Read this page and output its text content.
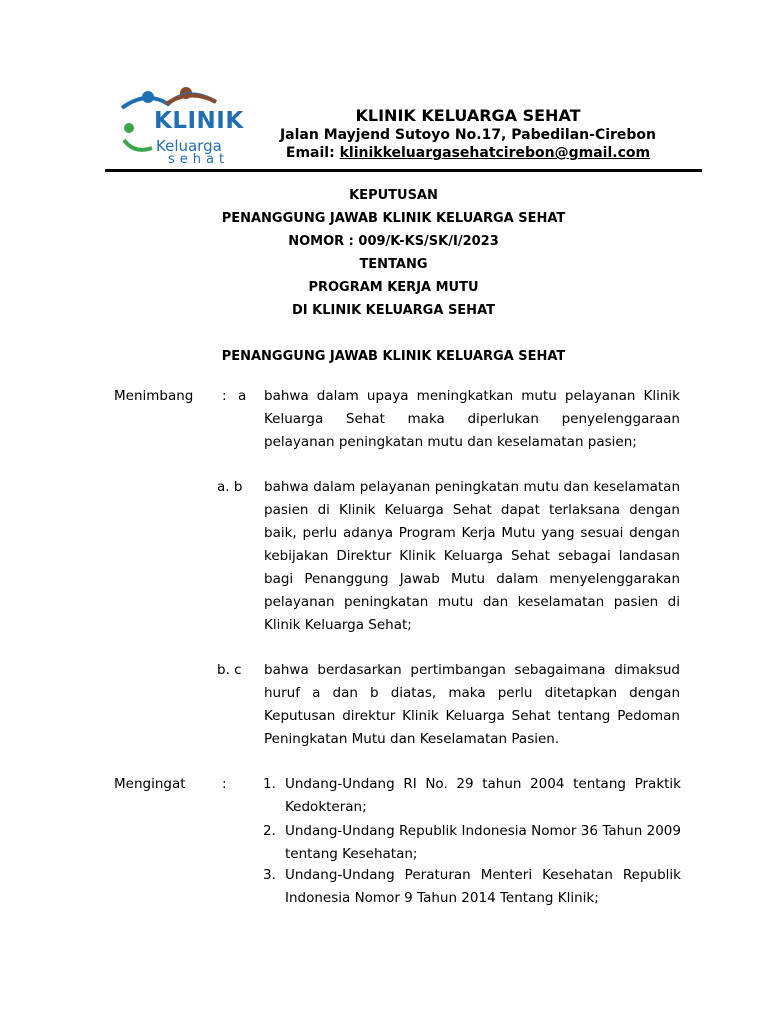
KLINIK
Keluarga
sehat
KLINIK KELUARGA SEHAT
Jalan Mayjend Sutoyo No.17, Pabedilan-Cirebon
Email: klinikkeluargasehatcirebon@gmail.com
KEPUTUSAN
PENANGGUNG JAWAB KLINIK KELUARGA SEHAT
NOMOR : 009/K-KS/SK/I/2023
TENTANG
PROGRAM KERJA MUTU
DI KLINIK KELUARGA SEHAT
PENANGGUNG JAWAB KLINIK KELUARGA SEHAT
Menimbang : a bahwa dalam upaya meningkatkan mutu pelayanan Klinik Keluarga Sehat maka diperlukan penyelenggaraan pelayanan peningkatan mutu dan keselamatan pasien;
a. b bahwa dalam pelayanan peningkatan mutu dan keselamatan pasien di Klinik Keluarga Sehat dapat terlaksana dengan baik, perlu adanya Program Kerja Mutu yang sesuai dengan kebijakan Direktur Klinik Keluarga Sehat sebagai landasan bagi Penanggung Jawab Mutu dalam menyelenggarakan pelayanan peningkatan mutu dan keselamatan pasien di Klinik Keluarga Sehat;
b. c bahwa berdasarkan pertimbangan sebagaimana dimaksud huruf a dan b diatas, maka perlu ditetapkan dengan Keputusan direktur Klinik Keluarga Sehat tentang Pedoman Peningkatan Mutu dan Keselamatan Pasien.
Mengingat	:	1. Undang-Undang RI No. 29 tahun 2004 tentang Praktik Kedokteran;
2. Undang-Undang Republik Indonesia Nomor 36 Tahun 2009 tentang Kesehatan;
3. Undang-Undang Peraturan Menteri Kesehatan Republik Indonesia Nomor 9 Tahun 2014 Tentang Klinik;
